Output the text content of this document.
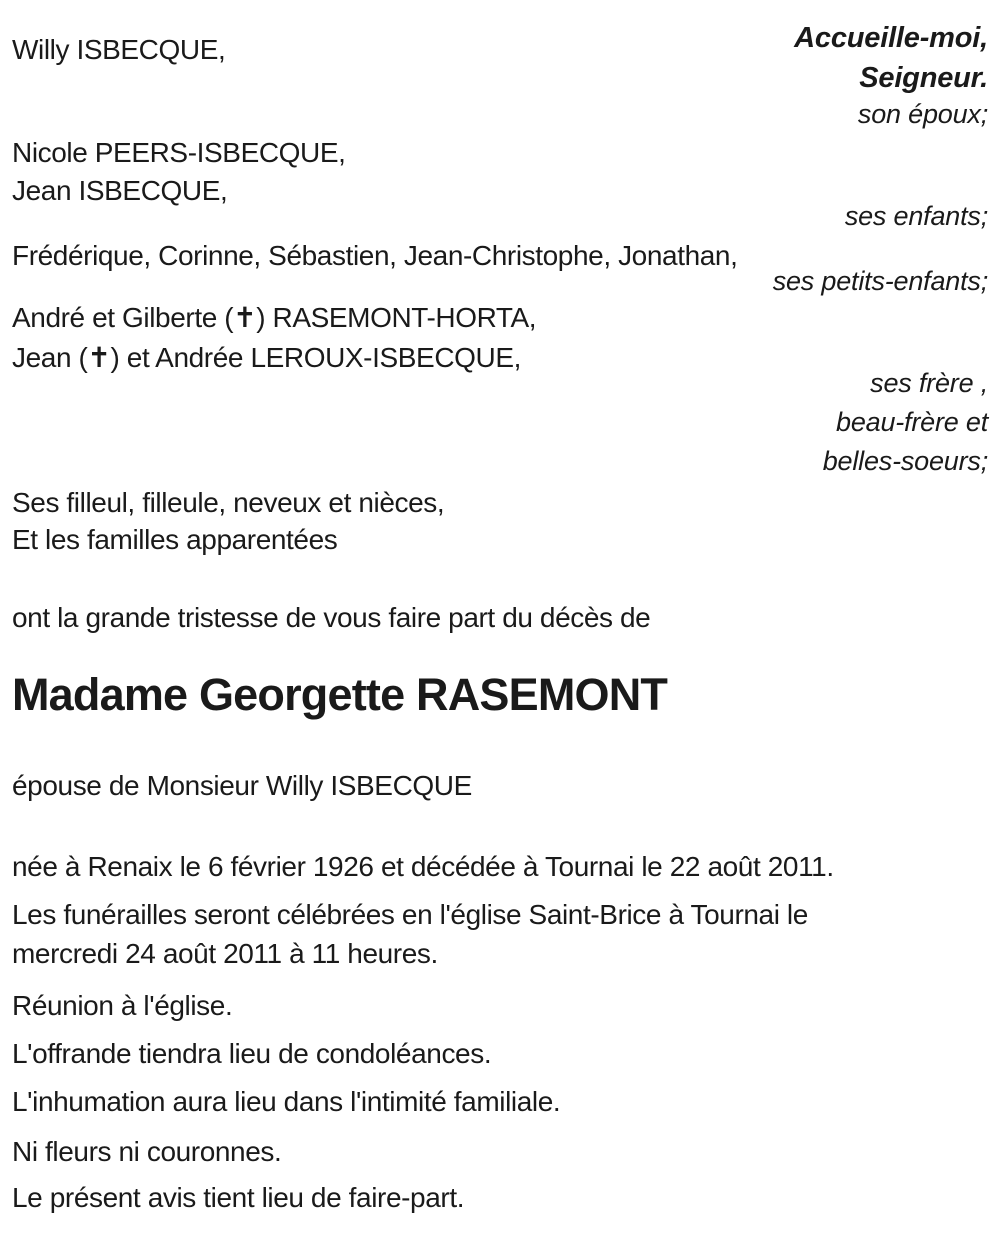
Willy ISBECQUE,	Accueille-moi,
Seigneur.
son époux;
Nicole PEERS-ISBECQUE,
Jean ISBECQUE,
ses enfants;
Frédérique, Corinne, Sébastien, Jean-Christophe, Jonathan,
ses petits-enfants;
André et Gilberte (✝) RASEMONT-HORTA,
Jean (✝) et Andrée LEROUX-ISBECQUE,
ses frère ,
beau-frère et
belles-soeurs;
Ses filleul, filleule, neveux et nièces,
Et les familles apparentées
ont la grande tristesse de vous faire part du décès de
Madame Georgette RASEMONT
épouse de Monsieur Willy ISBECQUE
née à Renaix le 6 février 1926 et décédée à Tournai le 22 août 2011.
Les funérailles seront célébrées en l'église Saint-Brice à Tournai le
mercredi 24 août 2011 à 11 heures.
Réunion à l'église.
L'offrande tiendra lieu de condoléances.
L'inhumation aura lieu dans l'intimité familiale.
Ni fleurs ni couronnes.
Le présent avis tient lieu de faire-part.
